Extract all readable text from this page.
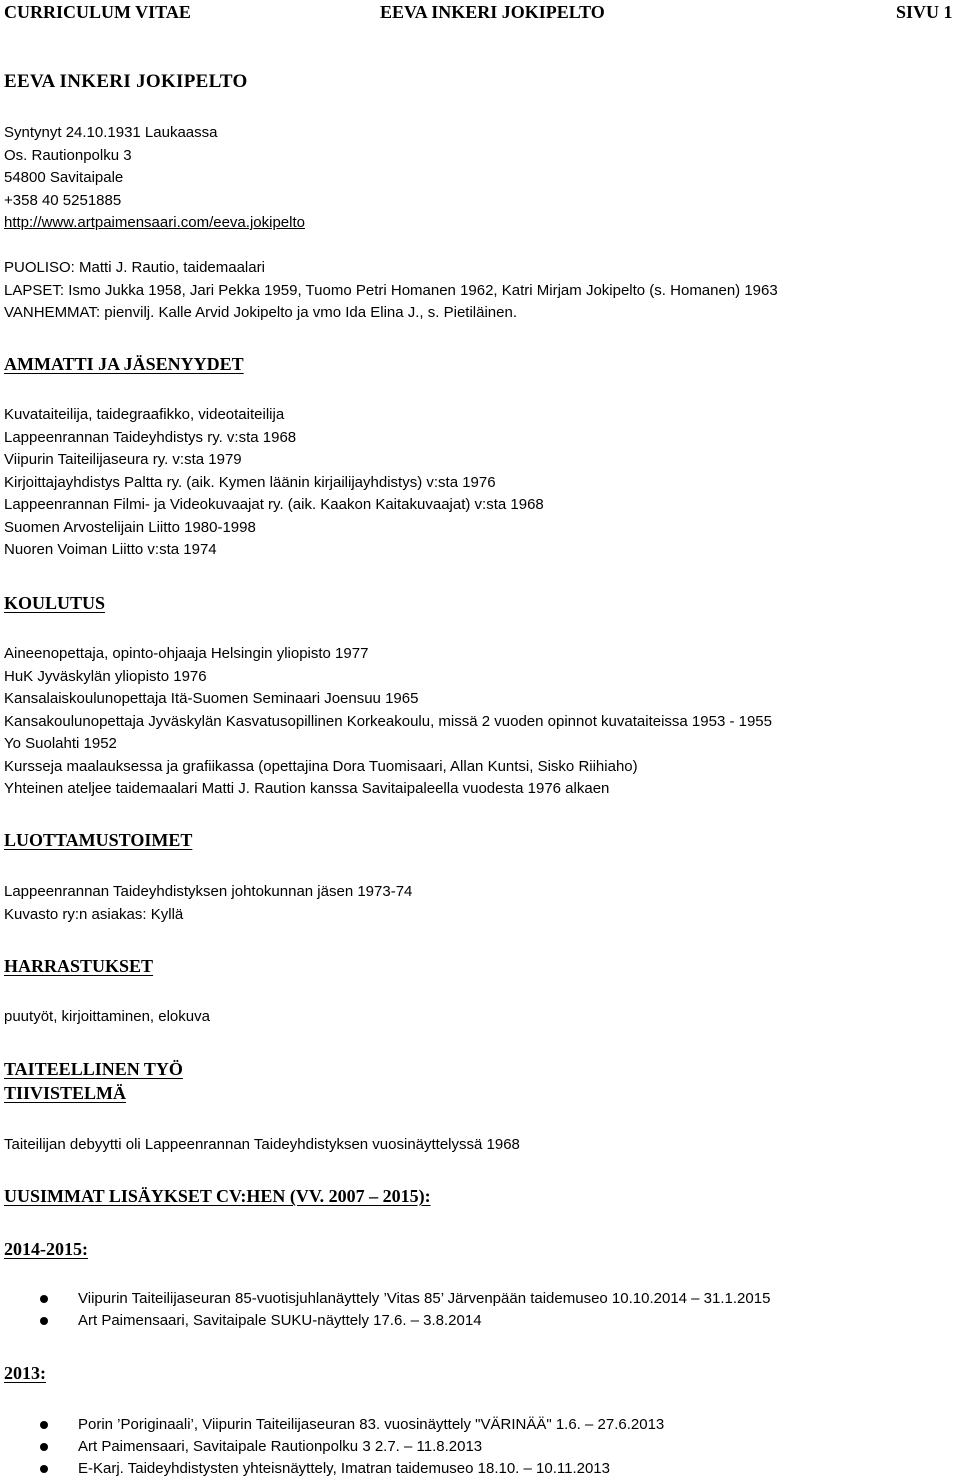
CURRICULUM VITAE	EEVA INKERI JOKIPELTO	SIVU 1
EEVA INKERI JOKIPELTO
Syntynyt 24.10.1931 Laukaassa
Os. Rautionpolku 3
54800 Savitaipale
+358 40 5251885
http://www.artpaimensaari.com/eeva.jokipelto
PUOLISO: Matti J. Rautio, taidemaalari
LAPSET: Ismo Jukka 1958, Jari Pekka 1959, Tuomo Petri Homanen 1962, Katri Mirjam Jokipelto (s. Homanen) 1963
VANHEMMAT: pienvilj. Kalle Arvid Jokipelto ja vmo Ida Elina J., s. Pietiläinen.
AMMATTI JA JÄSENYYDET
Kuvataiteilija, taidegraafikko, videotaiteilija
Lappeenrannan Taideyhdistys ry. v:sta 1968
Viipurin Taiteilijaseura ry. v:sta 1979
Kirjoittajayhdistys Paltta ry. (aik. Kymen läänin kirjailijayhdistys) v:sta 1976
Lappeenrannan Filmi- ja Videokuvaajat ry. (aik. Kaakon Kaitakuvaajat) v:sta 1968
Suomen Arvostelijain Liitto 1980-1998
Nuoren Voiman Liitto v:sta 1974
KOULUTUS
Aineenopettaja, opinto-ohjaaja Helsingin yliopisto 1977
HuK Jyväskylän yliopisto 1976
Kansalaiskoulunopettaja Itä-Suomen Seminaari Joensuu 1965
Kansakoulunopettaja Jyväskylän Kasvatusopillinen Korkeakoulu, missä 2 vuoden opinnot kuvataiteissa 1953 - 1955
Yo Suolahti 1952
Kursseja maalauksessa ja grafiikassa (opettajina Dora Tuomisaari, Allan Kuntsi, Sisko Riihiaho)
Yhteinen ateljee taidemaalari Matti J. Raution kanssa Savitaipaleella vuodesta 1976 alkaen
LUOTTAMUSTOIMET
Lappeenrannan Taideyhdistyksen johtokunnan jäsen 1973-74
Kuvasto ry:n asiakas: Kyllä
HARRASTUKSET
puutyöt, kirjoittaminen, elokuva
TAITEELLINEN TYÖ
TIIVISTELMÄ
Taiteilijan debyytti oli Lappeenrannan Taideyhdistyksen vuosinäyttelyssä 1968
UUSIMMAT LISÄYKSET CV:HEN (VV. 2007 – 2015):
2014-2015:
Viipurin Taiteilijaseuran 85-vuotisjuhlanäyttely ’Vitas 85’ Järvenpään taidemuseo 10.10.2014 – 31.1.2015
Art Paimensaari, Savitaipale SUKU-näyttely 17.6. – 3.8.2014
2013:
Porin ’Poriginaali’, Viipurin Taiteilijaseuran 83. vuosinäyttely "VÄRINÄÄ" 1.6. – 27.6.2013
Art Paimensaari, Savitaipale Rautionpolku 3 2.7. – 11.8.2013
E-Karj. Taideyhdistysten yhteisnäyttely, Imatran taidemuseo 18.10. – 10.11.2013
